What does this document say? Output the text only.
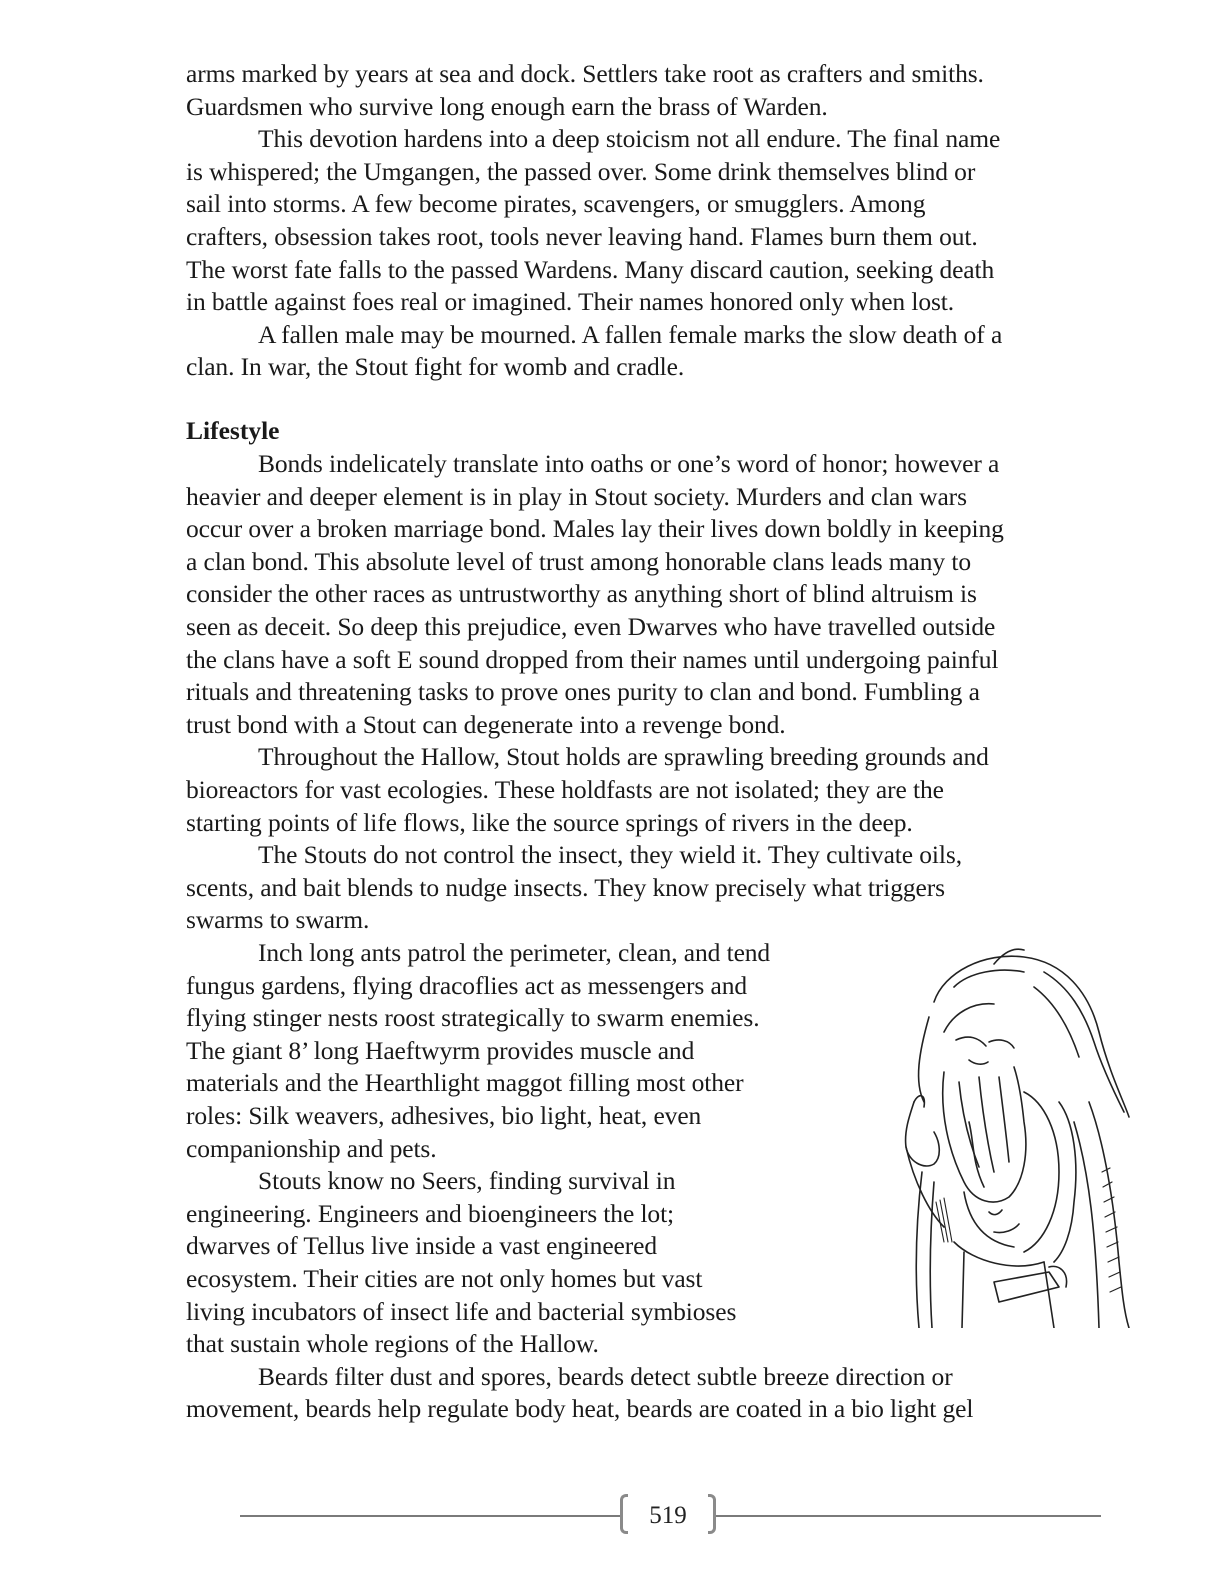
arms marked by years at sea and dock. Settlers take root as crafters and smiths.
Guardsmen who survive long enough earn the brass of Warden.
This devotion hardens into a deep stoicism not all endure. The final name
is whispered; the Umgangen, the passed over. Some drink themselves blind or
sail into storms. A few become pirates, scavengers, or smugglers. Among
crafters, obsession takes root, tools never leaving hand. Flames burn them out.
The worst fate falls to the passed Wardens. Many discard caution, seeking death
in battle against foes real or imagined. Their names honored only when lost.
A fallen male may be mourned. A fallen female marks the slow death of a
clan. In war, the Stout fight for womb and cradle.
Lifestyle
Bonds indelicately translate into oaths or one’s word of honor; however a
heavier and deeper element is in play in Stout society. Murders and clan wars
occur over a broken marriage bond. Males lay their lives down boldly in keeping
a clan bond. This absolute level of trust among honorable clans leads many to
consider the other races as untrustworthy as anything short of blind altruism is
seen as deceit. So deep this prejudice, even Dwarves who have travelled outside
the clans have a soft E sound dropped from their names until undergoing painful
rituals and threatening tasks to prove ones purity to clan and bond. Fumbling a
trust bond with a Stout can degenerate into a revenge bond.
Throughout the Hallow, Stout holds are sprawling breeding grounds and
bioreactors for vast ecologies. These holdfasts are not isolated; they are the
starting points of life flows, like the source springs of rivers in the deep.
The Stouts do not control the insect, they wield it. They cultivate oils,
scents, and bait blends to nudge insects. They know precisely what triggers
swarms to swarm.
Inch long ants patrol the perimeter, clean, and tend
fungus gardens, flying dracoflies act as messengers and
flying stinger nests roost strategically to swarm enemies.
The giant 8’ long Haeftwyrm provides muscle and
materials and the Hearthlight maggot filling most other
roles: Silk weavers, adhesives, bio light, heat, even
companionship and pets.
Stouts know no Seers, finding survival in
engineering. Engineers and bioengineers the lot;
dwarves of Tellus live inside a vast engineered
ecosystem. Their cities are not only homes but vast
living incubators of insect life and bacterial symbioses
that sustain whole regions of the Hallow.
Beards filter dust and spores, beards detect subtle breeze direction or
movement, beards help regulate body heat, beards are coated in a bio light gel
519
